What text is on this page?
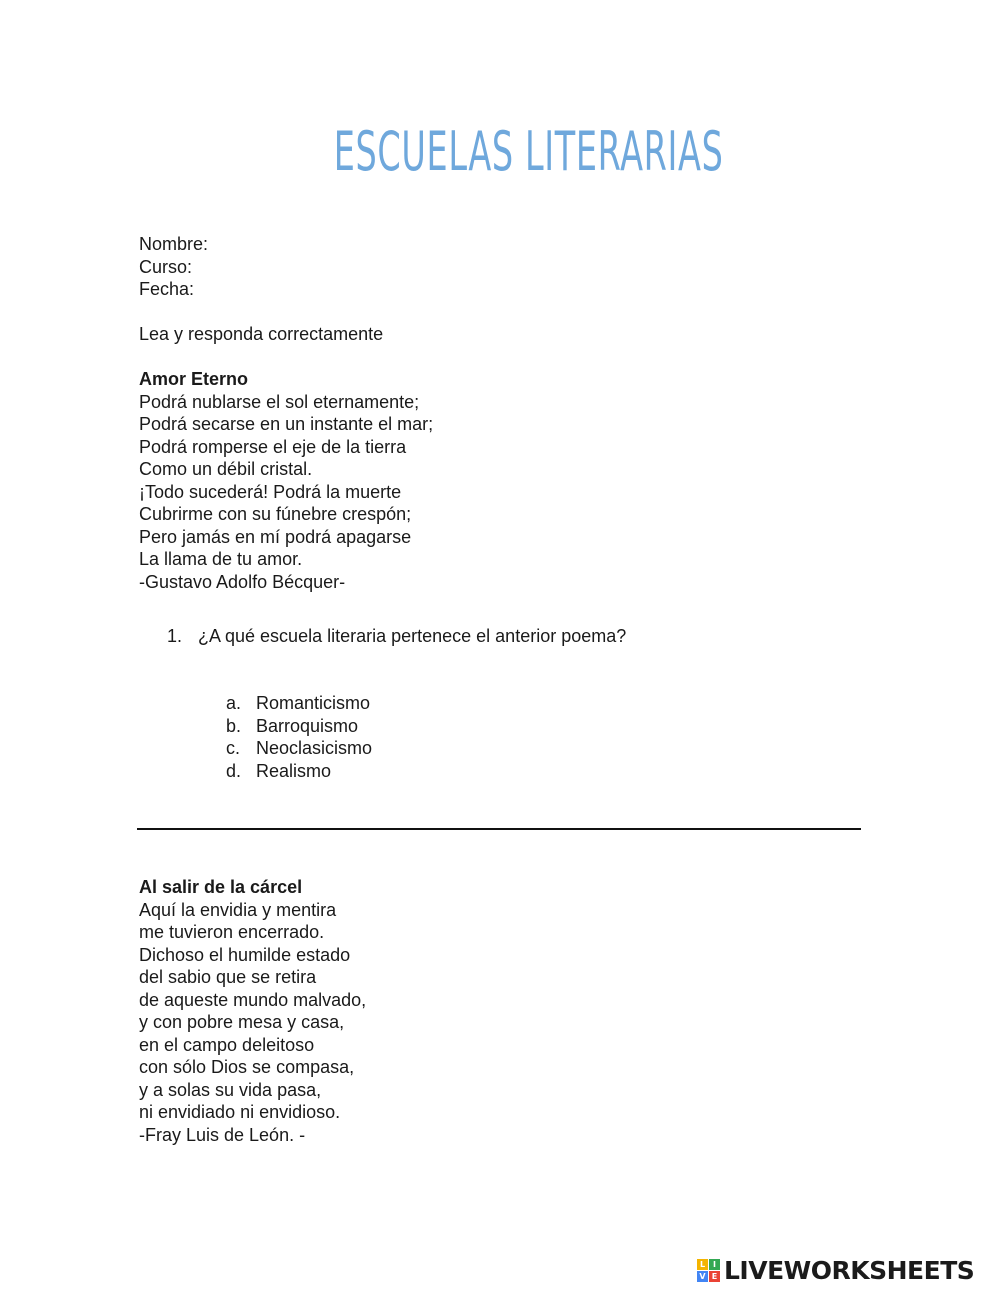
ESCUELAS LITERARIAS
Nombre:
Curso:
Fecha:
Lea y responda correctamente
Amor Eterno
Podrá nublarse el sol eternamente;
Podrá secarse en un instante el mar;
Podrá romperse el eje de la tierra
Como un débil cristal.
¡Todo sucederá! Podrá la muerte
Cubrirme con su fúnebre crespón;
Pero jamás en mí podrá apagarse
La llama de tu amor.
-Gustavo Adolfo Bécquer-
1. ¿A qué escuela literaria pertenece el anterior poema?
a. Romanticismo
b. Barroquismo
c. Neoclasicismo
d. Realismo
Al salir de la cárcel
Aquí la envidia y mentira
me tuvieron encerrado.
Dichoso el humilde estado
del sabio que se retira
de aqueste mundo malvado,
y con pobre mesa y casa,
en el campo deleitoso
con sólo Dios se compasa,
y a solas su vida pasa,
ni envidiado ni envidioso.
-Fray Luis de León. -
L I
V E LIVEWORKSHEETS
